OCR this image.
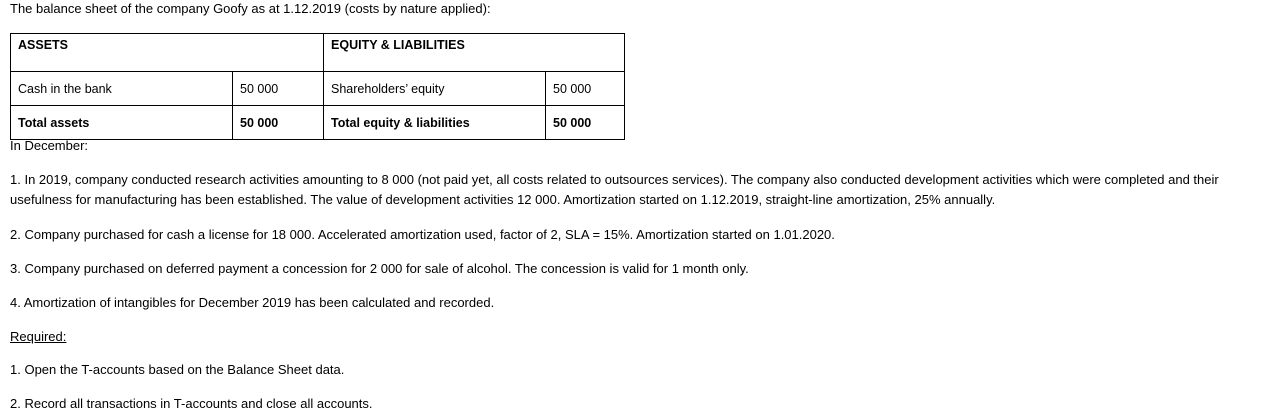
The balance sheet of the company Goofy as at 1.12.2019 (costs by nature applied):
ASSETS		EQUITY & LIABILITIES	
Cash in the bank	50 000	Shareholders’ equity	50 000
Total assets	50 000	Total equity & liabilities	50 000
In December:
1. In 2019, company conducted research activities amounting to 8 000 (not paid yet, all costs related to outsources services). The company also conducted development activities which were completed and their usefulness for manufacturing has been established. The value of development activities 12 000. Amortization started on 1.12.2019, straight-line amortization, 25% annually.
2. Company purchased for cash a license for 18 000. Accelerated amortization used, factor of 2, SLA = 15%. Amortization started on 1.01.2020.
3. Company purchased on deferred payment a concession for 2 000 for sale of alcohol. The concession is valid for 1 month only.
4. Amortization of intangibles for December 2019 has been calculated and recorded.
Required:
1. Open the T-accounts based on the Balance Sheet data.
2. Record all transactions in T-accounts and close all accounts.
